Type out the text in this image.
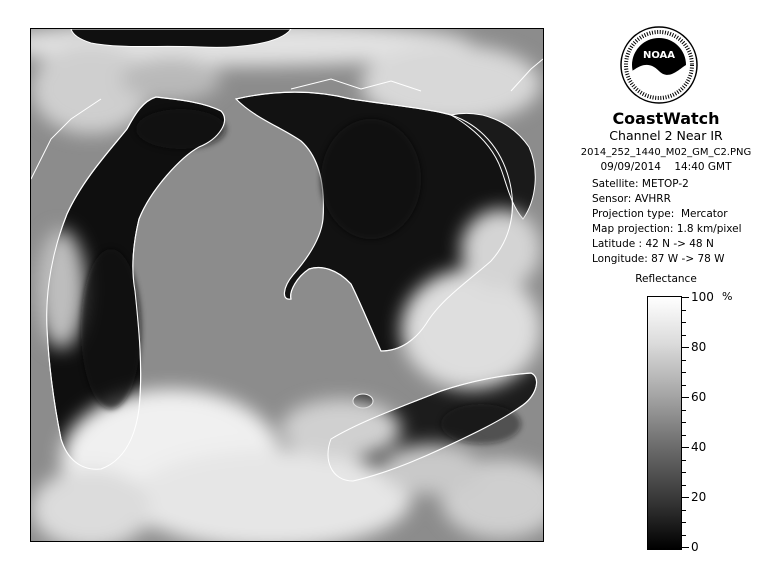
NOAA
CoastWatch
Channel 2 Near IR
2014_252_1440_M02_GM_C2.PNG
09/09/2014    14:40 GMT
Satellite: METOP-2
Sensor: AVHRR
Projection type: Mercator
Map projection: 1.8 km/pixel
Latitude : 42 N -> 48 N
Longitude: 87 W -> 78 W
Reflectance
%
0
20
40
60
80
100
